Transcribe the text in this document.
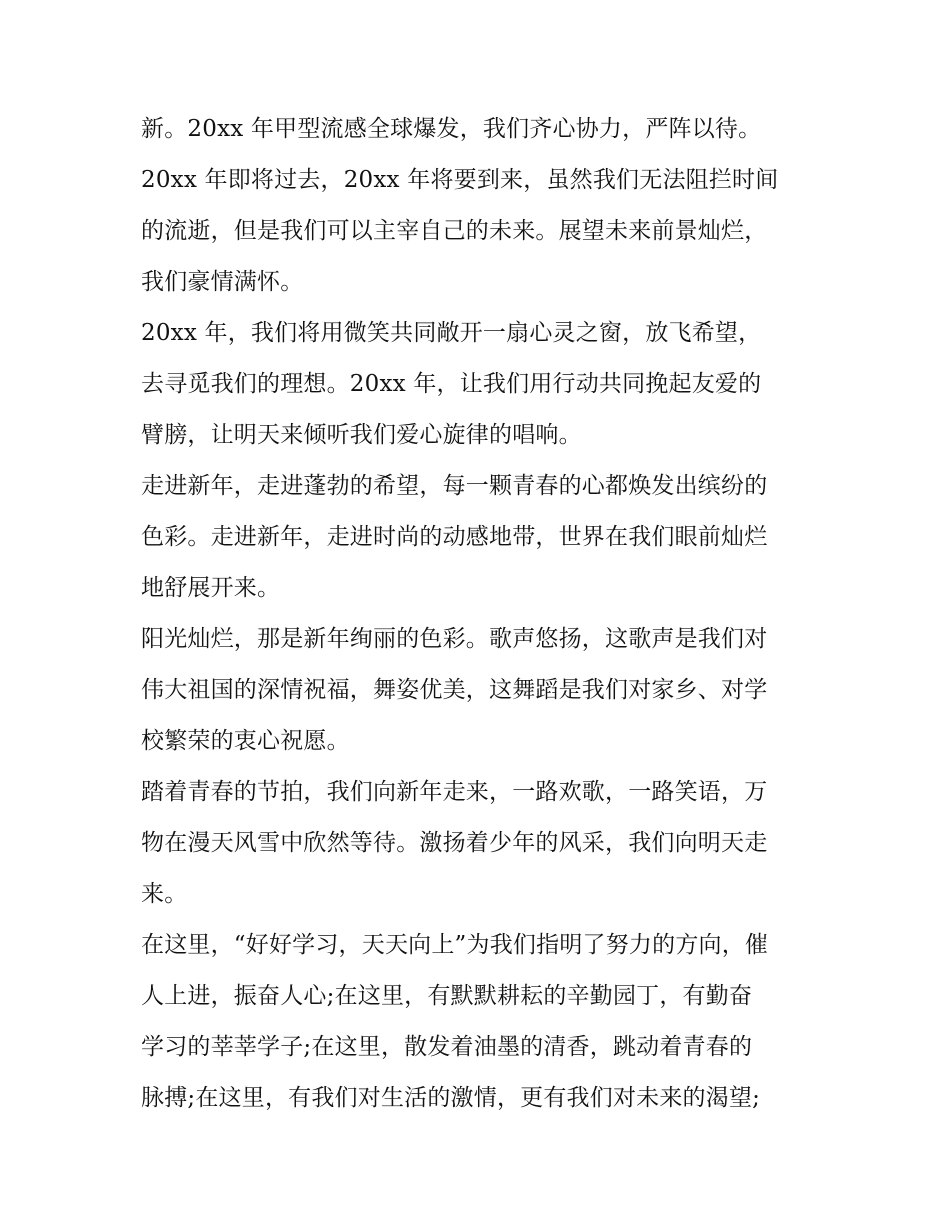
新。20xx 年甲型流感全球爆发，我们齐心协力，严阵以待。
20xx 年即将过去，20xx 年将要到来，虽然我们无法阻拦时间
的流逝，但是我们可以主宰自己的未来。展望未来前景灿烂，
我们豪情满怀。
20xx 年，我们将用微笑共同敞开一扇心灵之窗，放飞希望，
去寻觅我们的理想。20xx 年，让我们用行动共同挽起友爱的
臂膀，让明天来倾听我们爱心旋律的唱响。
走进新年，走进蓬勃的希望，每一颗青春的心都焕发出缤纷的
色彩。走进新年，走进时尚的动感地带，世界在我们眼前灿烂
地舒展开来。
阳光灿烂，那是新年绚丽的色彩。歌声悠扬，这歌声是我们对
伟大祖国的深情祝福，舞姿优美，这舞蹈是我们对家乡、对学
校繁荣的衷心祝愿。
踏着青春的节拍，我们向新年走来，一路欢歌，一路笑语，万
物在漫天风雪中欣然等待。激扬着少年的风采，我们向明天走
来。
在这里，“好好学习，天天向上”为我们指明了努力的方向，催
人上进，振奋人心;在这里，有默默耕耘的辛勤园丁，有勤奋
学习的莘莘学子;在这里，散发着油墨的清香，跳动着青春的
脉搏;在这里，有我们对生活的激情，更有我们对未来的渴望;
